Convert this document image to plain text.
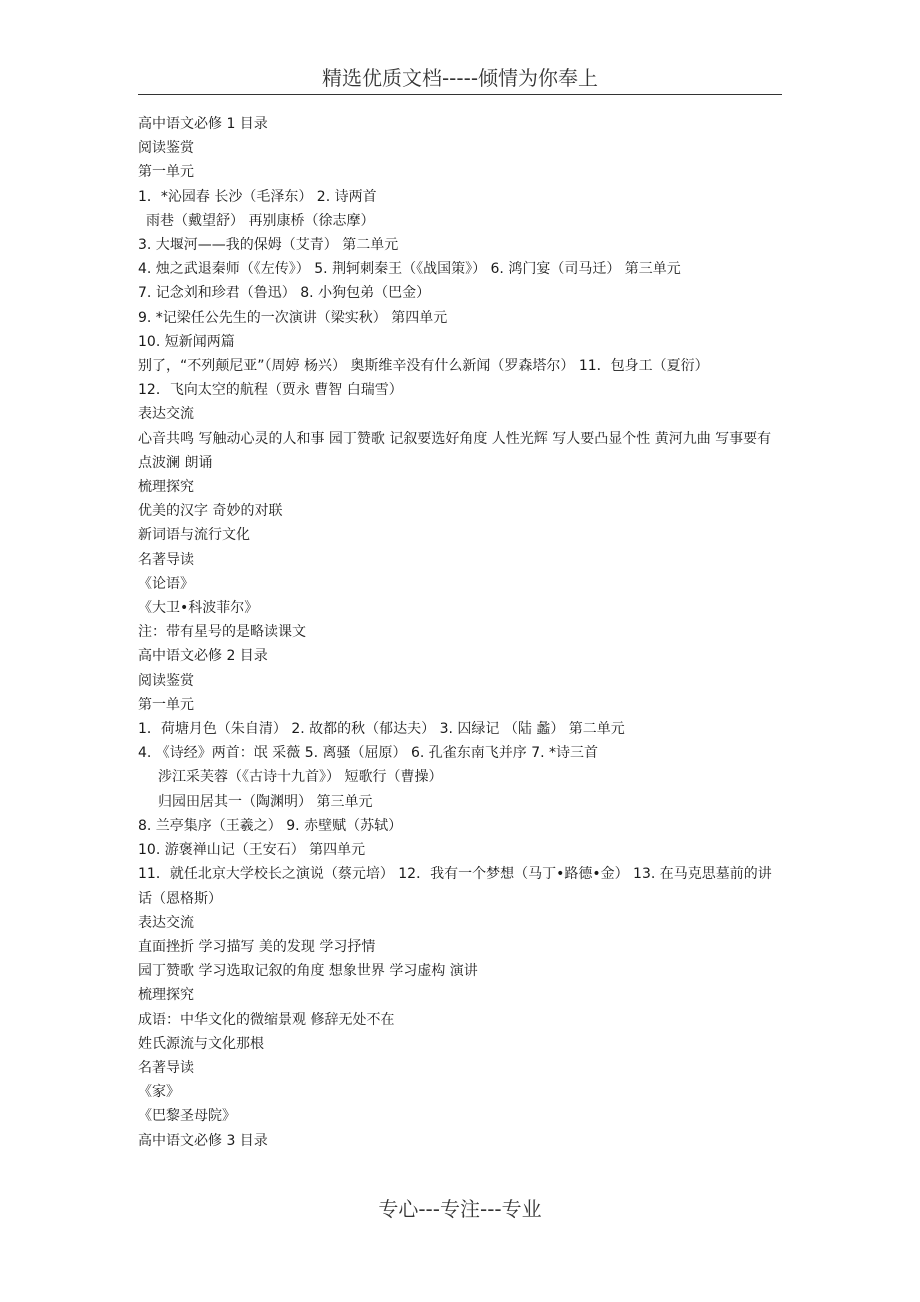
精选优质文档-----倾情为你奉上
高中语文必修 1 目录
阅读鉴赏
第一单元
1．*沁园春 长沙（毛泽东） 2. 诗两首
雨巷（戴望舒） 再别康桥（徐志摩）
3. 大堰河——我的保姆（艾青） 第二单元
4. 烛之武退秦师（《左传》） 5. 荆轲刺秦王（《战国策》） 6. 鸿门宴（司马迁） 第三单元
7. 记念刘和珍君（鲁迅） 8. 小狗包弟（巴金）
9. *记梁任公先生的一次演讲（梁实秋） 第四单元
10. 短新闻两篇
别了，“不列颠尼亚”（周婷 杨兴） 奥斯维辛没有什么新闻（罗森塔尔） 11．包身工（夏衍）
12．飞向太空的航程（贾永 曹智 白瑞雪）
表达交流
心音共鸣 写触动心灵的人和事 园丁赞歌 记叙要选好角度 人性光辉 写人要凸显个性 黄河九曲 写事要有点波澜 朗诵
梳理探究
优美的汉字 奇妙的对联
新词语与流行文化
名著导读
《论语》
《大卫•科波菲尔》
注：带有星号的是略读课文
高中语文必修 2 目录
阅读鉴赏
第一单元
1．荷塘月色（朱自清） 2. 故都的秋（郁达夫） 3. 囚绿记 （陆 蠡） 第二单元
4. 《诗经》两首：氓 采薇 5. 离骚（屈原） 6. 孔雀东南飞并序 7. *诗三首
涉江采芙蓉（《古诗十九首》） 短歌行（曹操）
归园田居其一（陶渊明） 第三单元
8. 兰亭集序（王羲之） 9. 赤壁赋（苏轼）
10. 游褒禅山记（王安石） 第四单元
11．就任北京大学校长之演说（蔡元培） 12．我有一个梦想（马丁•路德•金） 13. 在马克思墓前的讲话（恩格斯）
表达交流
直面挫折 学习描写 美的发现 学习抒情
园丁赞歌 学习选取记叙的角度 想象世界 学习虚构 演讲
梳理探究
成语：中华文化的微缩景观 修辞无处不在
姓氏源流与文化那根
名著导读
《家》
《巴黎圣母院》
高中语文必修 3 目录
专心---专注---专业
